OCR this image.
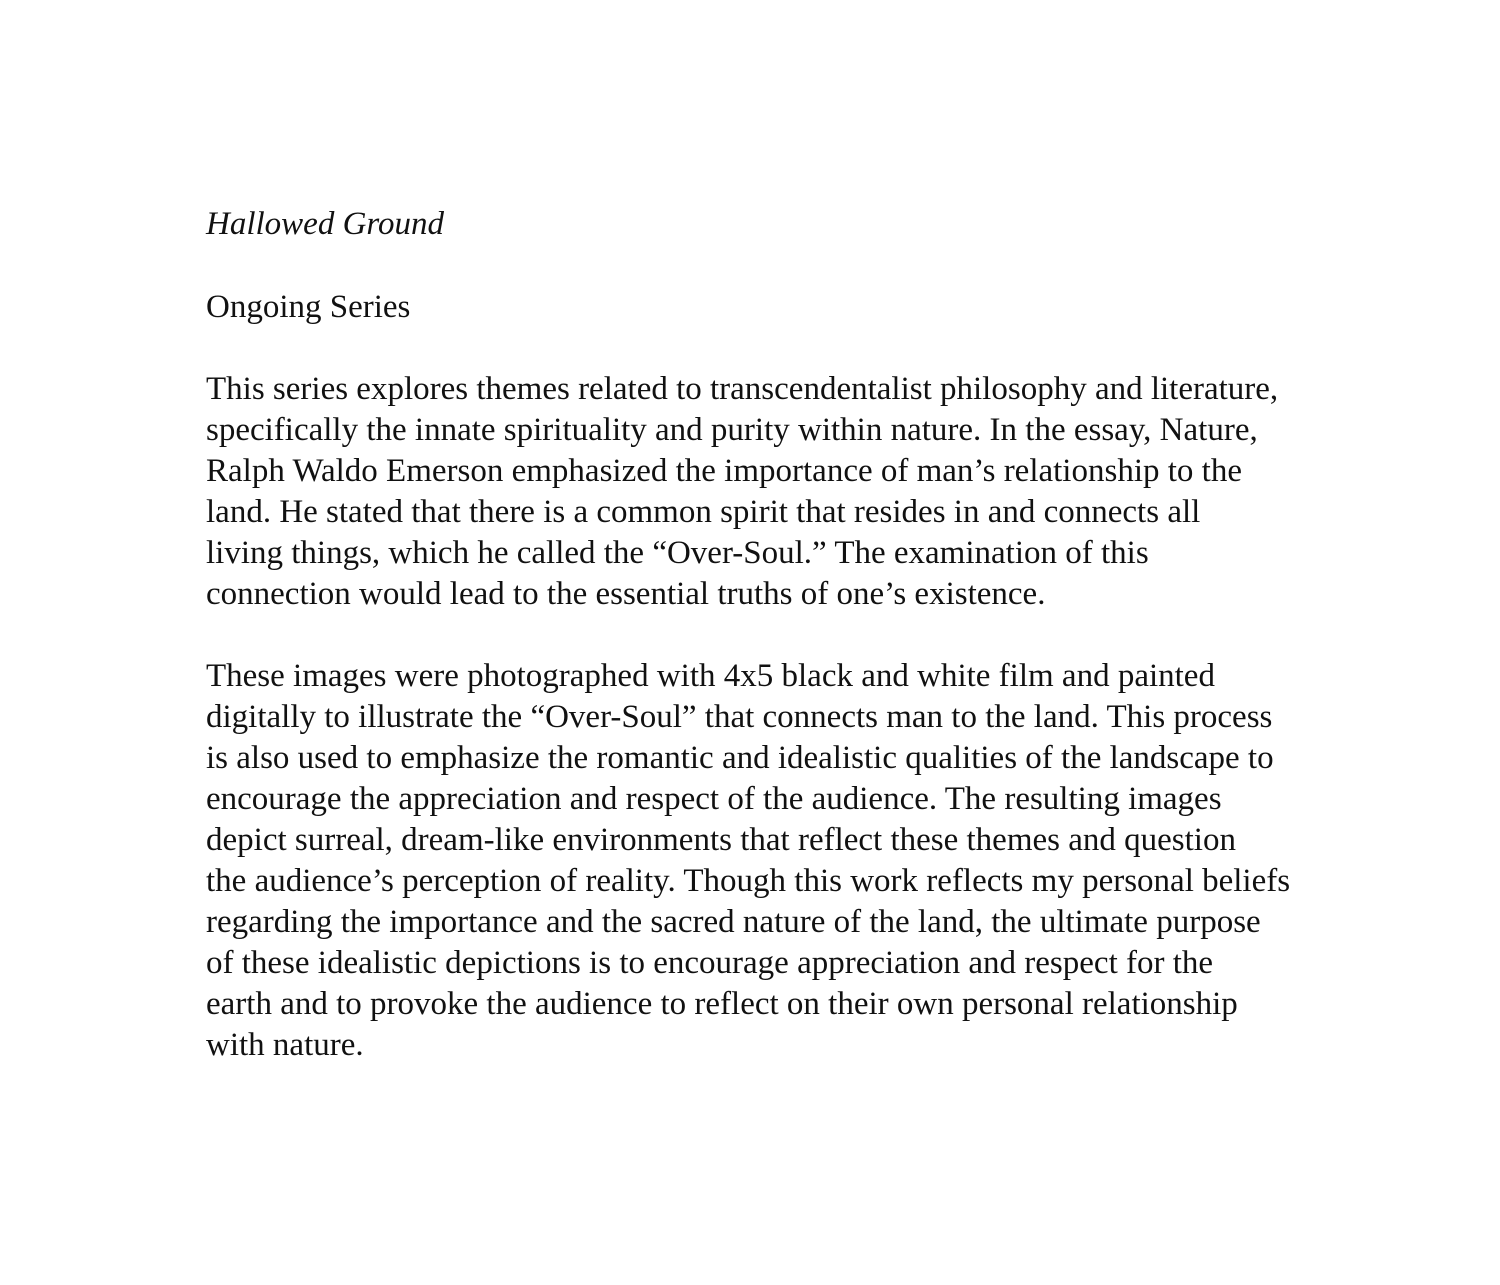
Hallowed Ground
Ongoing Series
This series explores themes related to transcendentalist philosophy and literature,
specifically the innate spirituality and purity within nature. In the essay, Nature,
Ralph Waldo Emerson emphasized the importance of man’s relationship to the
land. He stated that there is a common spirit that resides in and connects all
living things, which he called the “Over-Soul.” The examination of this
connection would lead to the essential truths of one’s existence.
These images were photographed with 4x5 black and white film and painted
digitally to illustrate the “Over-Soul” that connects man to the land. This process
is also used to emphasize the romantic and idealistic qualities of the landscape to
encourage the appreciation and respect of the audience. The resulting images
depict surreal, dream-like environments that reflect these themes and question
the audience’s perception of reality. Though this work reflects my personal beliefs
regarding the importance and the sacred nature of the land, the ultimate purpose
of these idealistic depictions is to encourage appreciation and respect for the
earth and to provoke the audience to reflect on their own personal relationship
with nature.
